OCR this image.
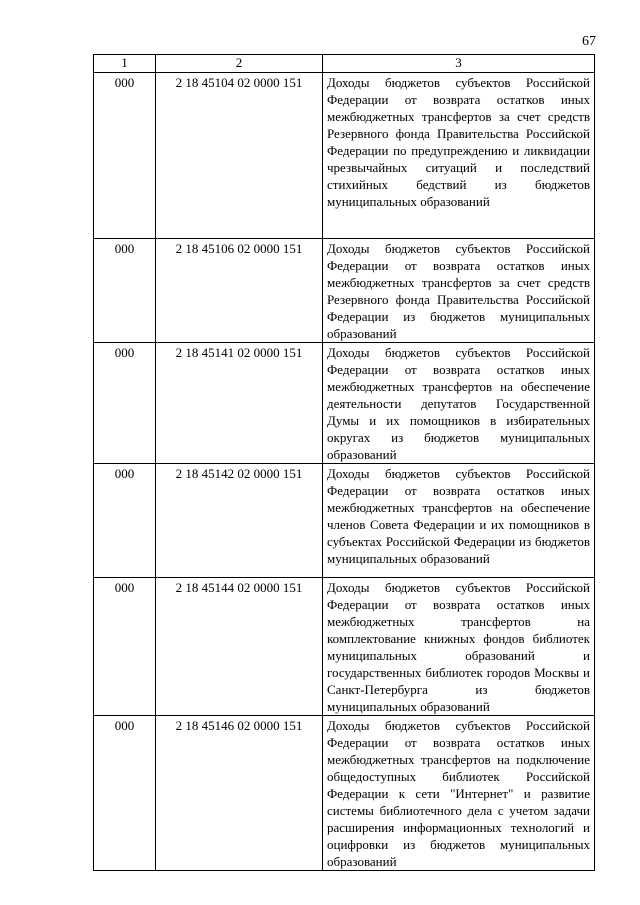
67
1	2	3
000	2 18 45104 02 0000 151	Доходы бюджетов субъектов Российской Федерации от возврата остатков иных межбюджетных трансфертов за счет средств Резервного фонда Правительства Российской Федерации по предупреждению и ликвидации чрезвычайных ситуаций и последствий стихийных бедствий из бюджетов муниципальных образований
000	2 18 45106 02 0000 151	Доходы бюджетов субъектов Российской Федерации от возврата остатков иных межбюджетных трансфертов за счет средств Резервного фонда Правительства Российской Федерации из бюджетов муниципальных образований
000	2 18 45141 02 0000 151	Доходы бюджетов субъектов Российской Федерации от возврата остатков иных межбюджетных трансфертов на обеспечение деятельности депутатов Государственной Думы и их помощников в избирательных округах из бюджетов муниципальных образований
000	2 18 45142 02 0000 151	Доходы бюджетов субъектов Российской Федерации от возврата остатков иных межбюджетных трансфертов на обеспечение членов Совета Федерации и их помощников в субъектах Российской Федерации из бюджетов муниципальных образований
000	2 18 45144 02 0000 151	Доходы бюджетов субъектов Российской Федерации от возврата остатков иных межбюджетных трансфертов на комплектование книжных фондов библиотек муниципальных образований и государственных библиотек городов Москвы и Санкт-Петербурга из бюджетов муниципальных образований
000	2 18 45146 02 0000 151	Доходы бюджетов субъектов Российской Федерации от возврата остатков иных межбюджетных трансфертов на подключение общедоступных библиотек Российской Федерации к сети "Интернет" и развитие системы библиотечного дела с учетом задачи расширения информационных технологий и оцифровки из бюджетов муниципальных образований
